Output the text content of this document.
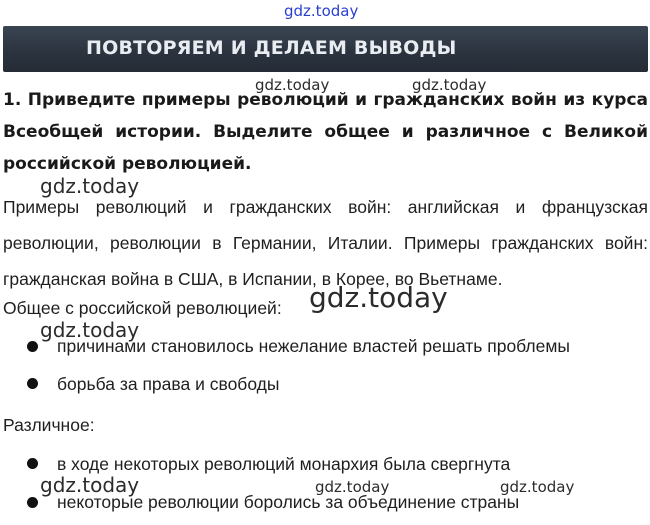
gdz.today
ПОВТОРЯЕМ И ДЕЛАЕМ ВЫВОДЫ
gdz.today	gdz.today
1. Приведите примеры революций и гражданских войн из курса Всеобщей истории. Выделите общее и различное с Великой российской революцией.
gdz.today
Примеры революций и гражданских войн: английская и французская революции, революции в Германии, Италии. Примеры гражданских войн: гражданская война в США, в Испании, в Корее, во Вьетнаме.
Общее с российской революцией: gdz.today
gdz.today
причинами становилось нежелание властей решать проблемы
борьба за права и свободы
Различное:
в ходе некоторых революций монархия была свергнута
gdz.today	gdz.today	gdz.today
некоторые революции боролись за объединение страны
